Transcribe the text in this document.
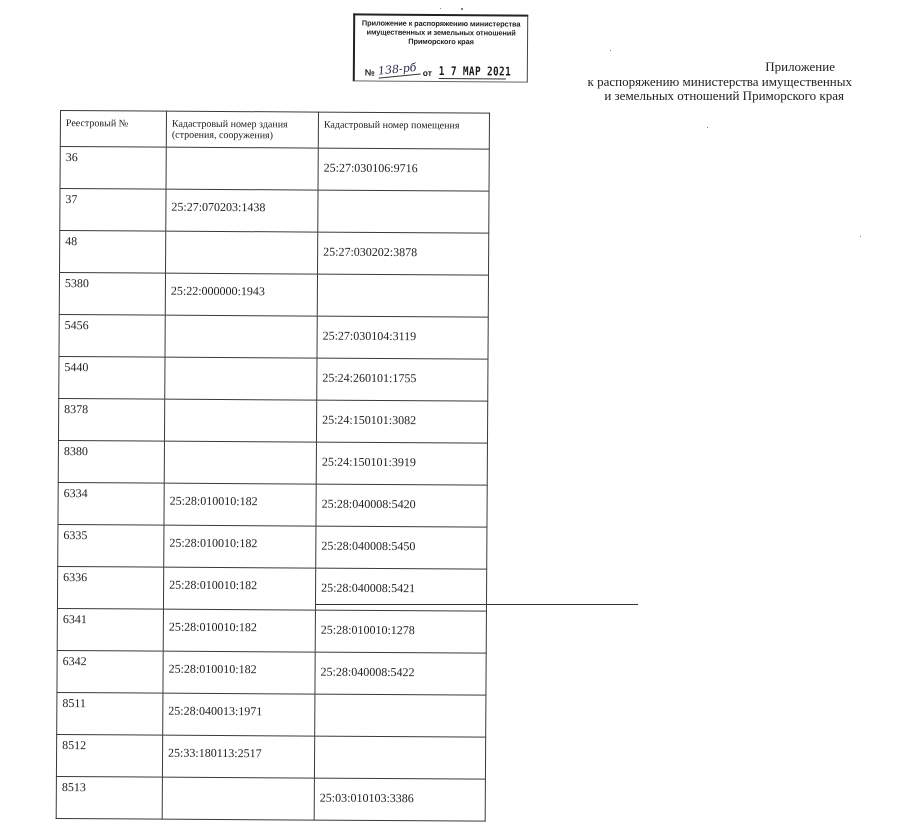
Приложение к распоряжению министерства
имущественных и земельных отношений
Приморского края
№ 138-рб от 1 7 МАР 2021	Приложение
к распоряжению министерства имущественных
и земельных отношений Приморского края
Реестровый №	Кадастровый номер здания (строения, сооружения)	Кадастровый номер помещения
36		25:27:030106:9716
37	25:27:070203:1438	
48		25:27:030202:3878
5380	25:22:000000:1943	
5456		25:27:030104:3119
5440		25:24:260101:1755
8378		25:24:150101:3082
8380		25:24:150101:3919
6334	25:28:010010:182	25:28:040008:5420
6335	25:28:010010:182	25:28:040008:5450
6336	25:28:010010:182	25:28:040008:5421
6341	25:28:010010:182	25:28:010010:1278
6342	25:28:010010:182	25:28:040008:5422
8511	25:28:040013:1971	
8512	25:33:180113:2517	
8513		25:03:010103:3386
